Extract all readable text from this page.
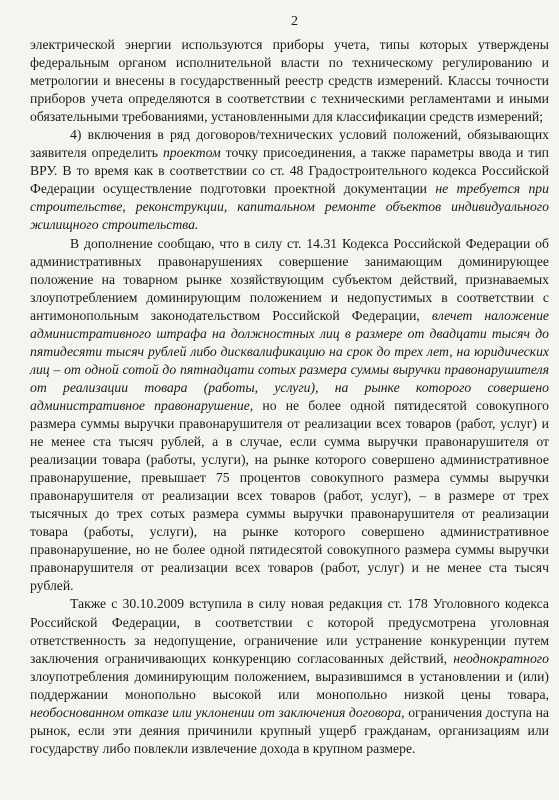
2

электрической энергии используются приборы учета, типы которых утверждены федеральным органом исполнительной власти по техническому регулированию и метрологии и внесены в государственный реестр средств измерений. Классы точности приборов учета определяются в соответствии с техническими регламентами и иными обязательными требованиями, установленными для классификации средств измерений;

4) включения в ряд договоров/технических условий положений, обязывающих заявителя определить проектом точку присоединения, а также параметры ввода и тип ВРУ. В то время как в соответствии со ст. 48 Градостроительного кодекса Российской Федерации осуществление подготовки проектной документации не требуется при строительстве, реконструкции, капитальном ремонте объектов индивидуального жилищного строительства.

В дополнение сообщаю, что в силу ст. 14.31 Кодекса Российской Федерации об административных правонарушениях совершение занимающим доминирующее положение на товарном рынке хозяйствующим субъектом действий, признаваемых злоупотреблением доминирующим положением и недопустимых в соответствии с антимонопольным законодательством Российской Федерации, влечет наложение административного штрафа на должностных лиц в размере от двадцати тысяч до пятидесяти тысяч рублей либо дисквалификацию на срок до трех лет, на юридических лиц – от одной сотой до пятнадцати сотых размера суммы выручки правонарушителя от реализации товара (работы, услуги), на рынке которого совершено административное правонарушение, но не более одной пятидесятой совокупного размера суммы выручки правонарушителя от реализации всех товаров (работ, услуг) и не менее ста тысяч рублей, а в случае, если сумма выручки правонарушителя от реализации товара (работы, услуги), на рынке которого совершено административное правонарушение, превышает 75 процентов совокупного размера суммы выручки правонарушителя от реализации всех товаров (работ, услуг), – в размере от трех тысячных до трех сотых размера суммы выручки правонарушителя от реализации товара (работы, услуги), на рынке которого совершено административное правонарушение, но не более одной пятидесятой совокупного размера суммы выручки правонарушителя от реализации всех товаров (работ, услуг) и не менее ста тысяч рублей.

Также с 30.10.2009 вступила в силу новая редакция ст. 178 Уголовного кодекса Российской Федерации, в соответствии с которой предусмотрена уголовная ответственность за недопущение, ограничение или устранение конкуренции путем заключения ограничивающих конкуренцию согласованных действий, неоднократного злоупотребления доминирующим положением, выразившимся в установлении и (или) поддержании монопольно высокой или монопольно низкой цены товара, необоснованном отказе или уклонении от заключения договора, ограничения доступа на рынок, если эти деяния причинили крупный ущерб гражданам, организациям или государству либо повлекли извлечение дохода в крупном размере.
